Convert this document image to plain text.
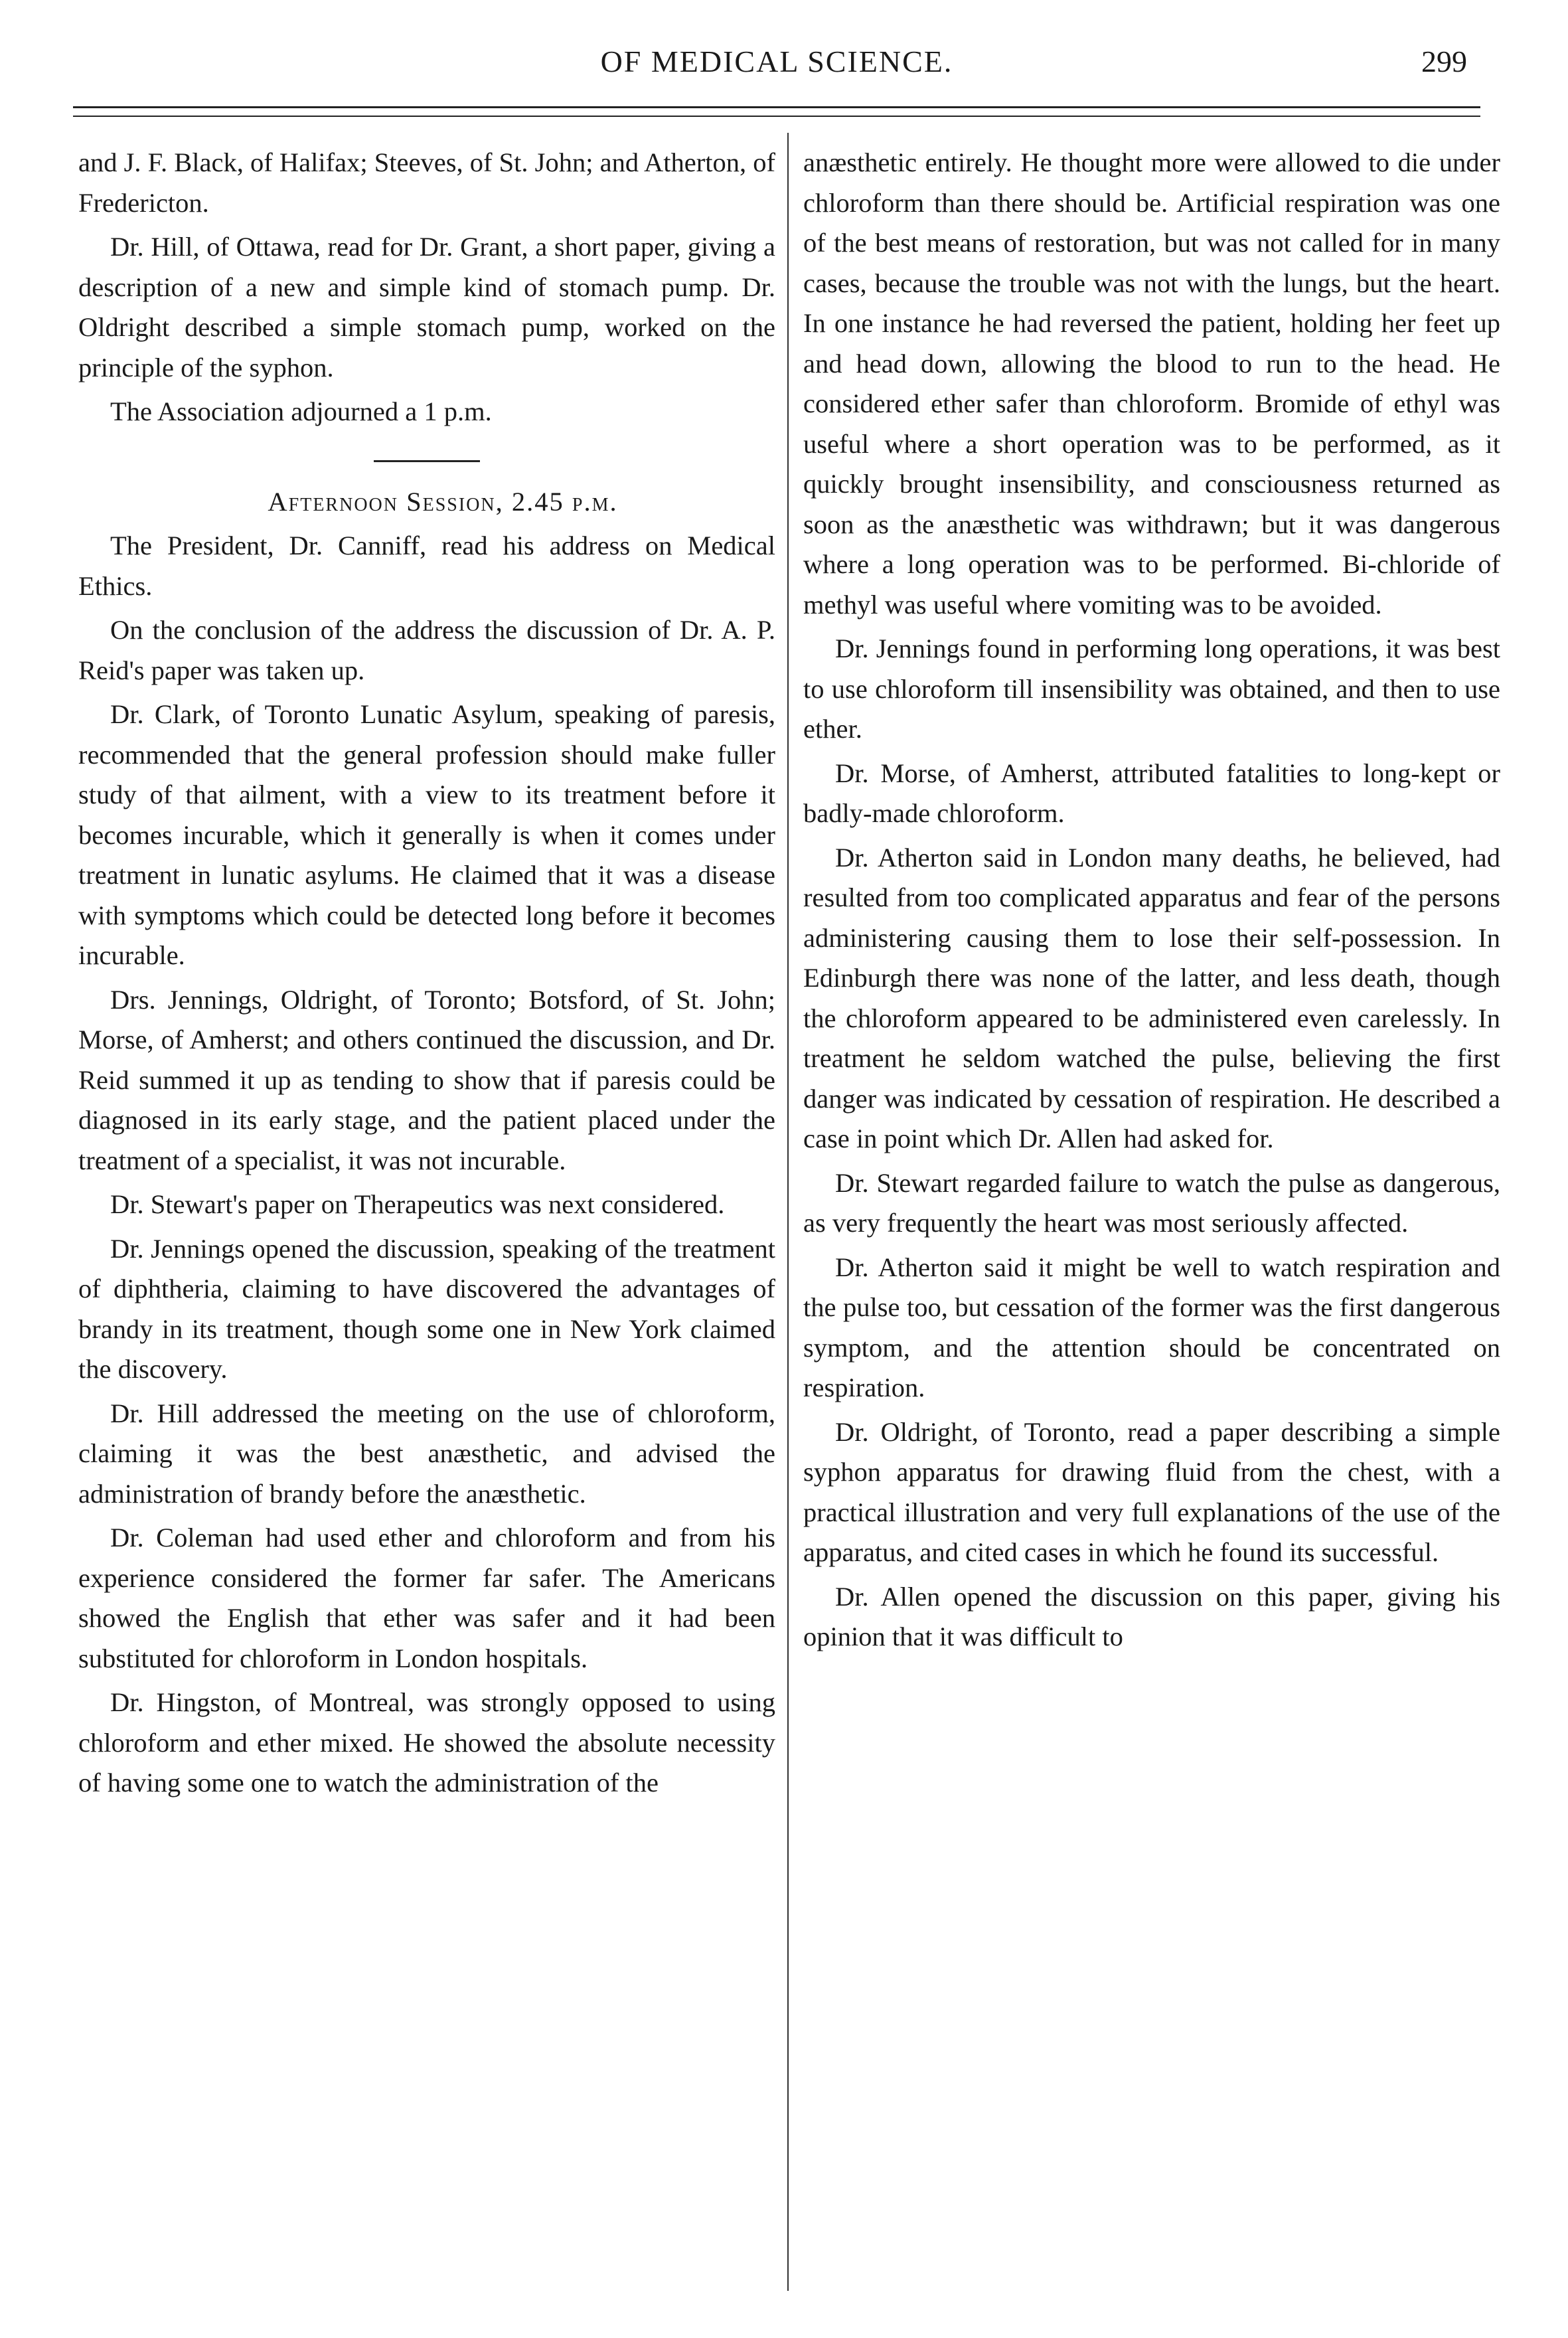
OF MEDICAL SCIENCE.	299

and J. F. Black, of Halifax; Steeves, of St. John; and Atherton, of Fredericton.

Dr. Hill, of Ottawa, read for Dr. Grant, a short paper, giving a description of a new and simple kind of stomach pump. Dr. Oldright described a simple stomach pump, worked on the principle of the syphon.

The Association adjourned a 1 p.m.

Afternoon Session, 2.45 p.m.

The President, Dr. Canniff, read his address on Medical Ethics.

On the conclusion of the address the discussion of Dr. A. P. Reid's paper was taken up.

Dr. Clark, of Toronto Lunatic Asylum, speaking of paresis, recommended that the general profession should make fuller study of that ailment, with a view to its treatment before it becomes incurable, which it generally is when it comes under treatment in lunatic asylums. He claimed that it was a disease with symptoms which could be detected long before it becomes incurable.

Drs. Jennings, Oldright, of Toronto; Botsford, of St. John; Morse, of Amherst; and others continued the discussion, and Dr. Reid summed it up as tending to show that if paresis could be diagnosed in its early stage, and the patient placed under the treatment of a specialist, it was not incurable.

Dr. Stewart's paper on Therapeutics was next considered.

Dr. Jennings opened the discussion, speaking of the treatment of diphtheria, claiming to have discovered the advantages of brandy in its treatment, though some one in New York claimed the discovery.

Dr. Hill addressed the meeting on the use of chloroform, claiming it was the best anæsthetic, and advised the administration of brandy before the anæsthetic.

Dr. Coleman had used ether and chloroform and from his experience considered the former far safer. The Americans showed the English that ether was safer and it had been substituted for chloroform in London hospitals.

Dr. Hingston, of Montreal, was strongly opposed to using chloroform and ether mixed. He showed the absolute necessity of having some one to watch the administration of the

anæsthetic entirely. He thought more were allowed to die under chloroform than there should be. Artificial respiration was one of the best means of restoration, but was not called for in many cases, because the trouble was not with the lungs, but the heart. In one instance he had reversed the patient, holding her feet up and head down, allowing the blood to run to the head. He considered ether safer than chloroform. Bromide of ethyl was useful where a short operation was to be performed, as it quickly brought insensibility, and consciousness returned as soon as the anæsthetic was withdrawn; but it was dangerous where a long operation was to be performed. Bi-chloride of methyl was useful where vomiting was to be avoided.

Dr. Jennings found in performing long operations, it was best to use chloroform till insensibility was obtained, and then to use ether.

Dr. Morse, of Amherst, attributed fatalities to long-kept or badly-made chloroform.

Dr. Atherton said in London many deaths, he believed, had resulted from too complicated apparatus and fear of the persons administering causing them to lose their self-possession. In Edinburgh there was none of the latter, and less death, though the chloroform appeared to be administered even carelessly. In treatment he seldom watched the pulse, believing the first danger was indicated by cessation of respiration. He described a case in point which Dr. Allen had asked for.

Dr. Stewart regarded failure to watch the pulse as dangerous, as very frequently the heart was most seriously affected.

Dr. Atherton said it might be well to watch respiration and the pulse too, but cessation of the former was the first dangerous symptom, and the attention should be concentrated on respiration.

Dr. Oldright, of Toronto, read a paper describing a simple syphon apparatus for drawing fluid from the chest, with a practical illustration and very full explanations of the use of the apparatus, and cited cases in which he found its successful.

Dr. Allen opened the discussion on this paper, giving his opinion that it was difficult to
